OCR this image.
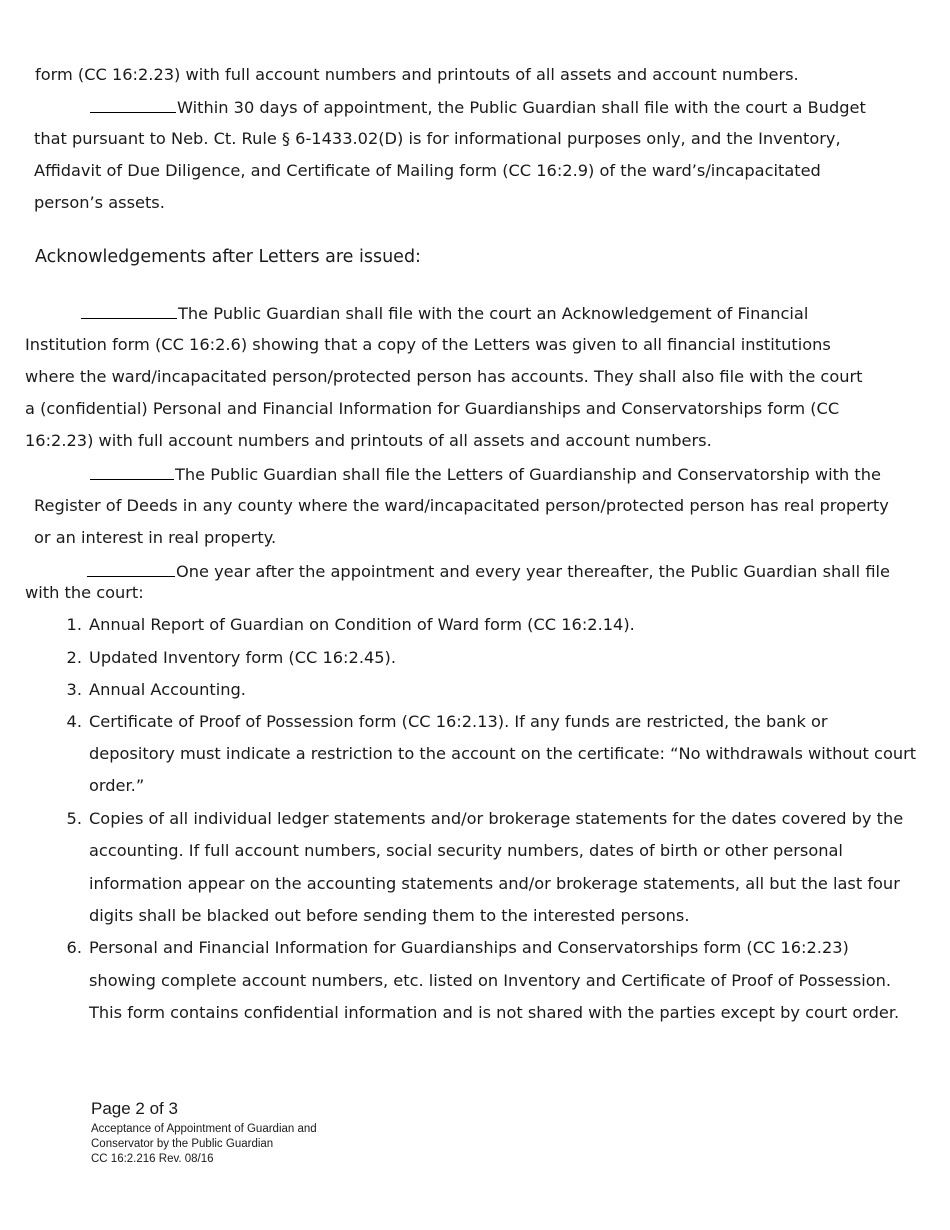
form (CC 16:2.23) with full account numbers and printouts of all assets and account numbers.
Within 30 days of appointment, the Public Guardian shall file with the court a Budget
that pursuant to Neb. Ct. Rule § 6-1433.02(D) is for informational purposes only, and the Inventory,
Affidavit of Due Diligence, and Certificate of Mailing form (CC 16:2.9) of the ward’s/incapacitated
person’s assets.
Acknowledgements after Letters are issued:
The Public Guardian shall file with the court an Acknowledgement of Financial
Institution form (CC 16:2.6) showing that a copy of the Letters was given to all financial institutions
where the ward/incapacitated person/protected person has accounts. They shall also file with the court
a (confidential) Personal and Financial Information for Guardianships and Conservatorships form (CC
16:2.23) with full account numbers and printouts of all assets and account numbers.
The Public Guardian shall file the Letters of Guardianship and Conservatorship with the
Register of Deeds in any county where the ward/incapacitated person/protected person has real property
or an interest in real property.
One year after the appointment and every year thereafter, the Public Guardian shall file
with the court:
1. Annual Report of Guardian on Condition of Ward form (CC 16:2.14).
2. Updated Inventory form (CC 16:2.45).
3. Annual Accounting.
4. Certificate of Proof of Possession form (CC 16:2.13). If any funds are restricted, the bank or
depository must indicate a restriction to the account on the certificate: “No withdrawals without court
order.”
5. Copies of all individual ledger statements and/or brokerage statements for the dates covered by the
accounting. If full account numbers, social security numbers, dates of birth or other personal
information appear on the accounting statements and/or brokerage statements, all but the last four
digits shall be blacked out before sending them to the interested persons.
6. Personal and Financial Information for Guardianships and Conservatorships form (CC 16:2.23)
showing complete account numbers, etc. listed on Inventory and Certificate of Proof of Possession.
This form contains confidential information and is not shared with the parties except by court order.
Page 2 of 3
Acceptance of Appointment of Guardian and
Conservator by the Public Guardian
CC 16:2.216 Rev. 08/16
